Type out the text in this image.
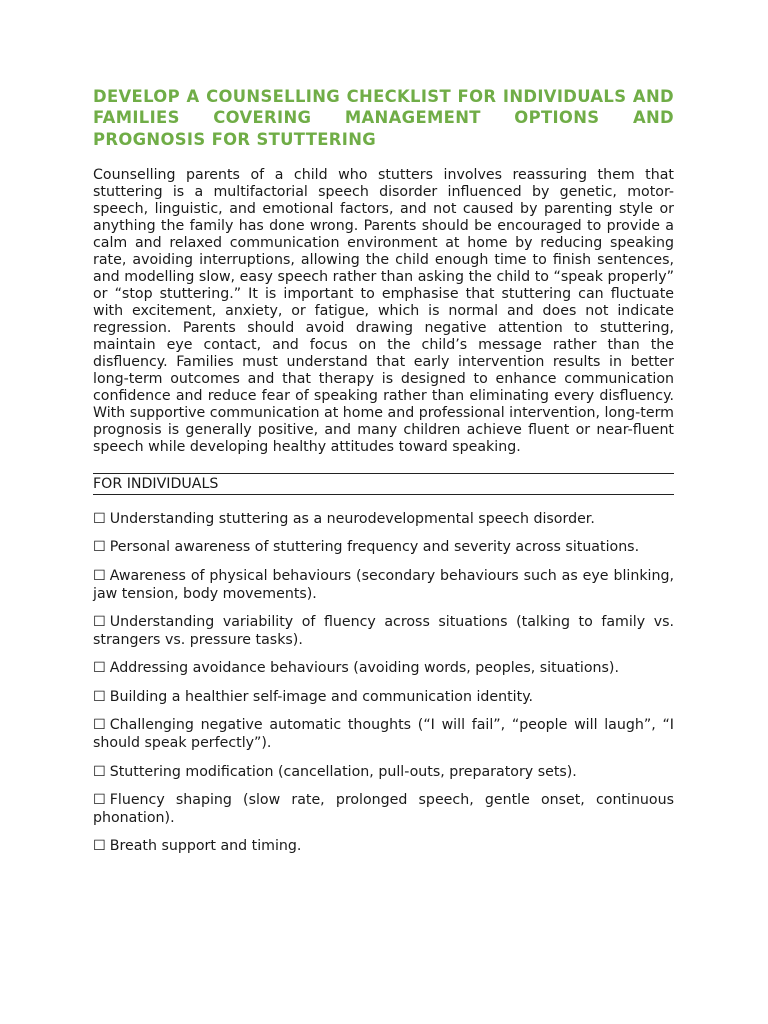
DEVELOP A COUNSELLING CHECKLIST FOR INDIVIDUALS AND FAMILIES COVERING MANAGEMENT OPTIONS AND PROGNOSIS FOR STUTTERING

Counselling parents of a child who stutters involves reassuring them that stuttering is a multifactorial speech disorder influenced by genetic, motor-speech, linguistic, and emotional factors, and not caused by parenting style or anything the family has done wrong. Parents should be encouraged to provide a calm and relaxed communication environment at home by reducing speaking rate, avoiding interruptions, allowing the child enough time to finish sentences, and modelling slow, easy speech rather than asking the child to “speak properly” or “stop stuttering.” It is important to emphasise that stuttering can fluctuate with excitement, anxiety, or fatigue, which is normal and does not indicate regression. Parents should avoid drawing negative attention to stuttering, maintain eye contact, and focus on the child’s message rather than the disfluency. Families must understand that early intervention results in better long-term outcomes and that therapy is designed to enhance communication confidence and reduce fear of speaking rather than eliminating every disfluency. With supportive communication at home and professional intervention, long-term prognosis is generally positive, and many children achieve fluent or near-fluent speech while developing healthy attitudes toward speaking.

FOR INDIVIDUALS
☐ Understanding stuttering as a neurodevelopmental speech disorder.
☐ Personal awareness of stuttering frequency and severity across situations.
☐ Awareness of physical behaviours (secondary behaviours such as eye blinking, jaw tension, body movements).
☐ Understanding variability of fluency across situations (talking to family vs. strangers vs. pressure tasks).
☐ Addressing avoidance behaviours (avoiding words, peoples, situations).
☐ Building a healthier self-image and communication identity.
☐ Challenging negative automatic thoughts (“I will fail”, “people will laugh”, “I should speak perfectly”).
☐ Stuttering modification (cancellation, pull-outs, preparatory sets).
☐ Fluency shaping (slow rate, prolonged speech, gentle onset, continuous phonation).
☐ Breath support and timing.
